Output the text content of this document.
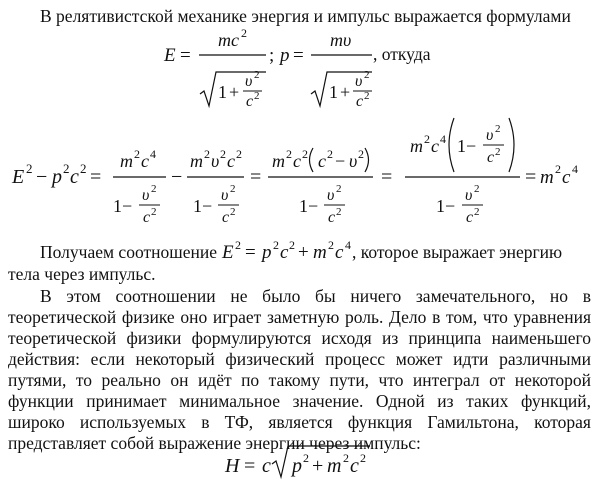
В релятивистской механике энергия и импульс выражается формулами
E =
mc 2
1 +
υ 2
c 2
; p =
mυ
1 +
υ 2
c 2
, откуда
E 2 − p 2 c 2 =
m 2 c 4
1−
υ 2
c 2
−
m 2 υ 2 c 2
1−
υ 2
c 2
=
m 2 c 2 c 2 − υ 2
1−
υ 2
c 2
=
m 2 c 4 1−
υ 2
c 2
1−
υ 2
c 2
= m 2 c 4
Получаем соотношение E 2 = p 2 c 2 + m 2 c 4 , которое выражает энергию
тела через импульс.
В этом соотношении не было бы ничего замечательного, но в
теоретической физике оно играет заметную роль. Дело в том, что уравнения
теоретической физики формулируются исходя из принципа наименьшего
действия: если некоторый физический процесс может идти различными
путями, то реально он идёт по такому пути, что интеграл от некоторой
функции принимает минимальное значение. Одной из таких функций,
широко используемых в ТФ, является функция Гамильтона, которая
представляет собой выражение энергии через импульс:
H = c p 2 + m 2 c 2
